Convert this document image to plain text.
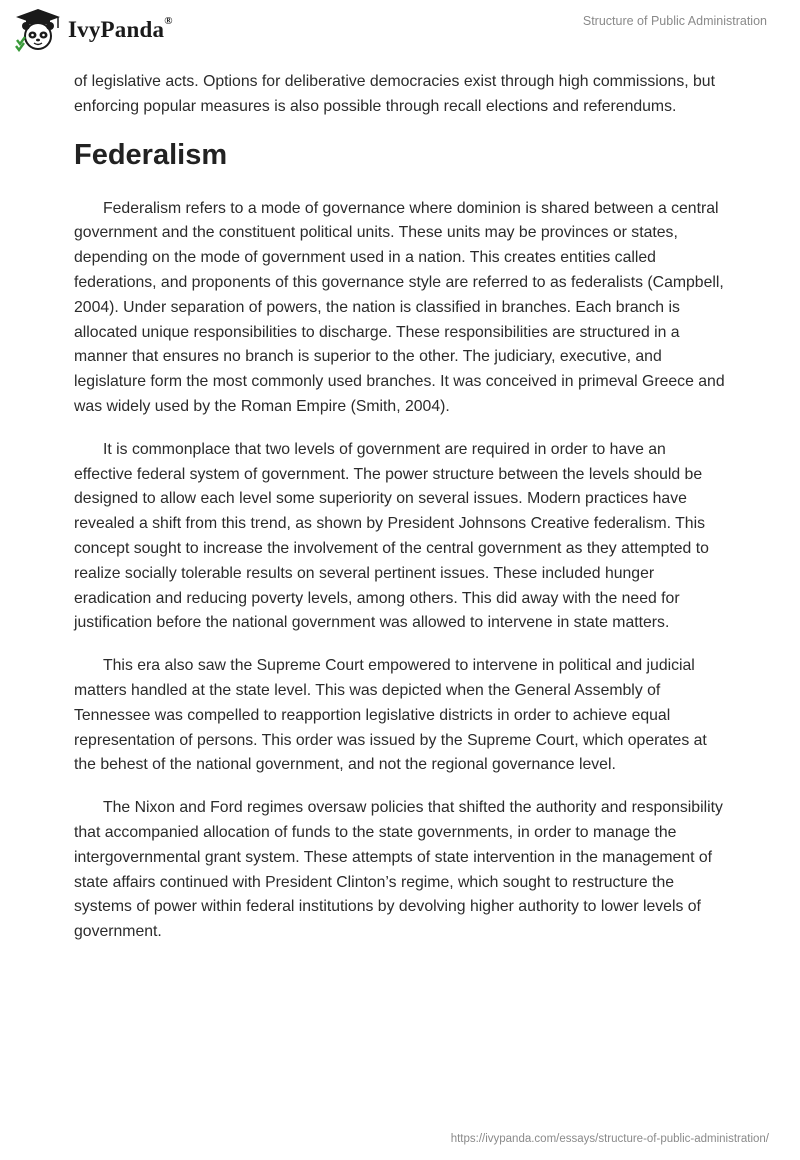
IvyPanda®	Structure of Public Administration

of legislative acts. Options for deliberative democracies exist through high commissions, but enforcing popular measures is also possible through recall elections and referendums.

Federalism

Federalism refers to a mode of governance where dominion is shared between a central government and the constituent political units. These units may be provinces or states, depending on the mode of government used in a nation. This creates entities called federations, and proponents of this governance style are referred to as federalists (Campbell, 2004). Under separation of powers, the nation is classified in branches. Each branch is allocated unique responsibilities to discharge. These responsibilities are structured in a manner that ensures no branch is superior to the other. The judiciary, executive, and legislature form the most commonly used branches. It was conceived in primeval Greece and was widely used by the Roman Empire (Smith, 2004).

It is commonplace that two levels of government are required in order to have an effective federal system of government. The power structure between the levels should be designed to allow each level some superiority on several issues. Modern practices have revealed a shift from this trend, as shown by President Johnsons Creative federalism. This concept sought to increase the involvement of the central government as they attempted to realize socially tolerable results on several pertinent issues. These included hunger eradication and reducing poverty levels, among others. This did away with the need for justification before the national government was allowed to intervene in state matters.

This era also saw the Supreme Court empowered to intervene in political and judicial matters handled at the state level. This was depicted when the General Assembly of Tennessee was compelled to reapportion legislative districts in order to achieve equal representation of persons. This order was issued by the Supreme Court, which operates at the behest of the national government, and not the regional governance level.

The Nixon and Ford regimes oversaw policies that shifted the authority and responsibility that accompanied allocation of funds to the state governments, in order to manage the intergovernmental grant system. These attempts of state intervention in the management of state affairs continued with President Clinton’s regime, which sought to restructure the systems of power within federal institutions by devolving higher authority to lower levels of government.

https://ivypanda.com/essays/structure-of-public-administration/
